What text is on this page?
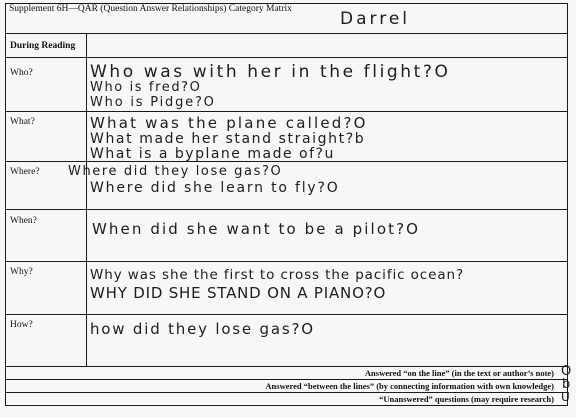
Supplement 6H—QAR (Question Answer Relationships) Category Matrix	Darrel
During Reading
Who?
What?
Where?
When?
Why?
How?
Who was with her in the flight?O
Who is fred?O
Who is Pidge?O
What was the plane called?O
What made her stand straight?b
What is a byplane made of?u
Where did they lose gas?O
Where did she learn to fly?O
When did she want to be a pilot?O
Why was she the first to cross the pacific ocean?
WHY DID SHE STAND ON A PIANO?O
how did they lose gas?O
Answered “on the line” (in the text or author’s note) O
Answered “between the lines” (by connecting information with own knowledge) b
“Unanswered” questions (may require research) U
